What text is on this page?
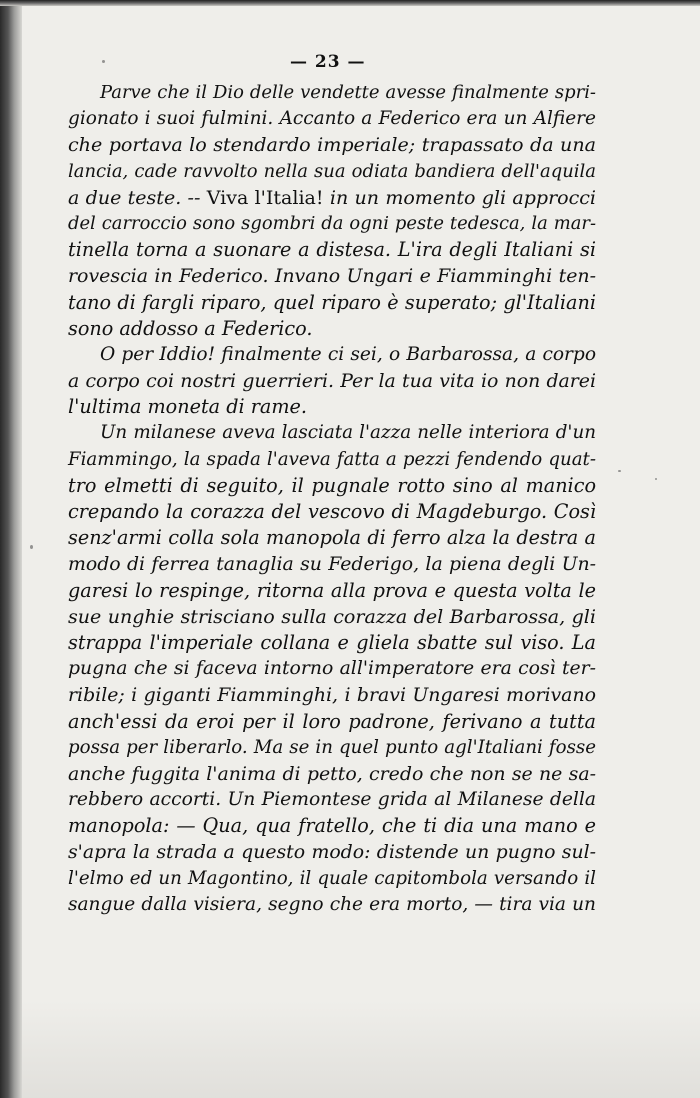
— 23 —
Parve che il Dio delle vendette avesse finalmente spri-
gionato i suoi fulmini. Accanto a Federico era un Alfiere
che portava lo stendardo imperiale; trapassato da una
lancia, cade ravvolto nella sua odiata bandiera dell'aquila
a due teste. -- Viva l'Italia! in un momento gli approcci
del carroccio sono sgombri da ogni peste tedesca, la mar-
tinella torna a suonare a distesa. L'ira degli Italiani si
rovescia in Federico. Invano Ungari e Fiamminghi ten-
tano di fargli riparo, quel riparo è superato; gl'Italiani
sono addosso a Federico.
O per Iddio! finalmente ci sei, o Barbarossa, a corpo
a corpo coi nostri guerrieri. Per la tua vita io non darei
l'ultima moneta di rame.
Un milanese aveva lasciata l'azza nelle interiora d'un
Fiammingo, la spada l'aveva fatta a pezzi fendendo quat-
tro elmetti di seguito, il pugnale rotto sino al manico
crepando la corazza del vescovo di Magdeburgo. Così
senz'armi colla sola manopola di ferro alza la destra a
modo di ferrea tanaglia su Federigo, la piena degli Un-
garesi lo respinge, ritorna alla prova e questa volta le
sue unghie strisciano sulla corazza del Barbarossa, gli
strappa l'imperiale collana e gliela sbatte sul viso. La
pugna che si faceva intorno all'imperatore era così ter-
ribile; i giganti Fiamminghi, i bravi Ungaresi morivano
anch'essi da eroi per il loro padrone, ferivano a tutta
possa per liberarlo. Ma se in quel punto agl'Italiani fosse
anche fuggita l'anima di petto, credo che non se ne sa-
rebbero accorti. Un Piemontese grida al Milanese della
manopola: — Qua, qua fratello, che ti dia una mano e
s'apra la strada a questo modo: distende un pugno sul-
l'elmo ed un Magontino, il quale capitombola versando il
sangue dalla visiera, segno che era morto, — tira via un
